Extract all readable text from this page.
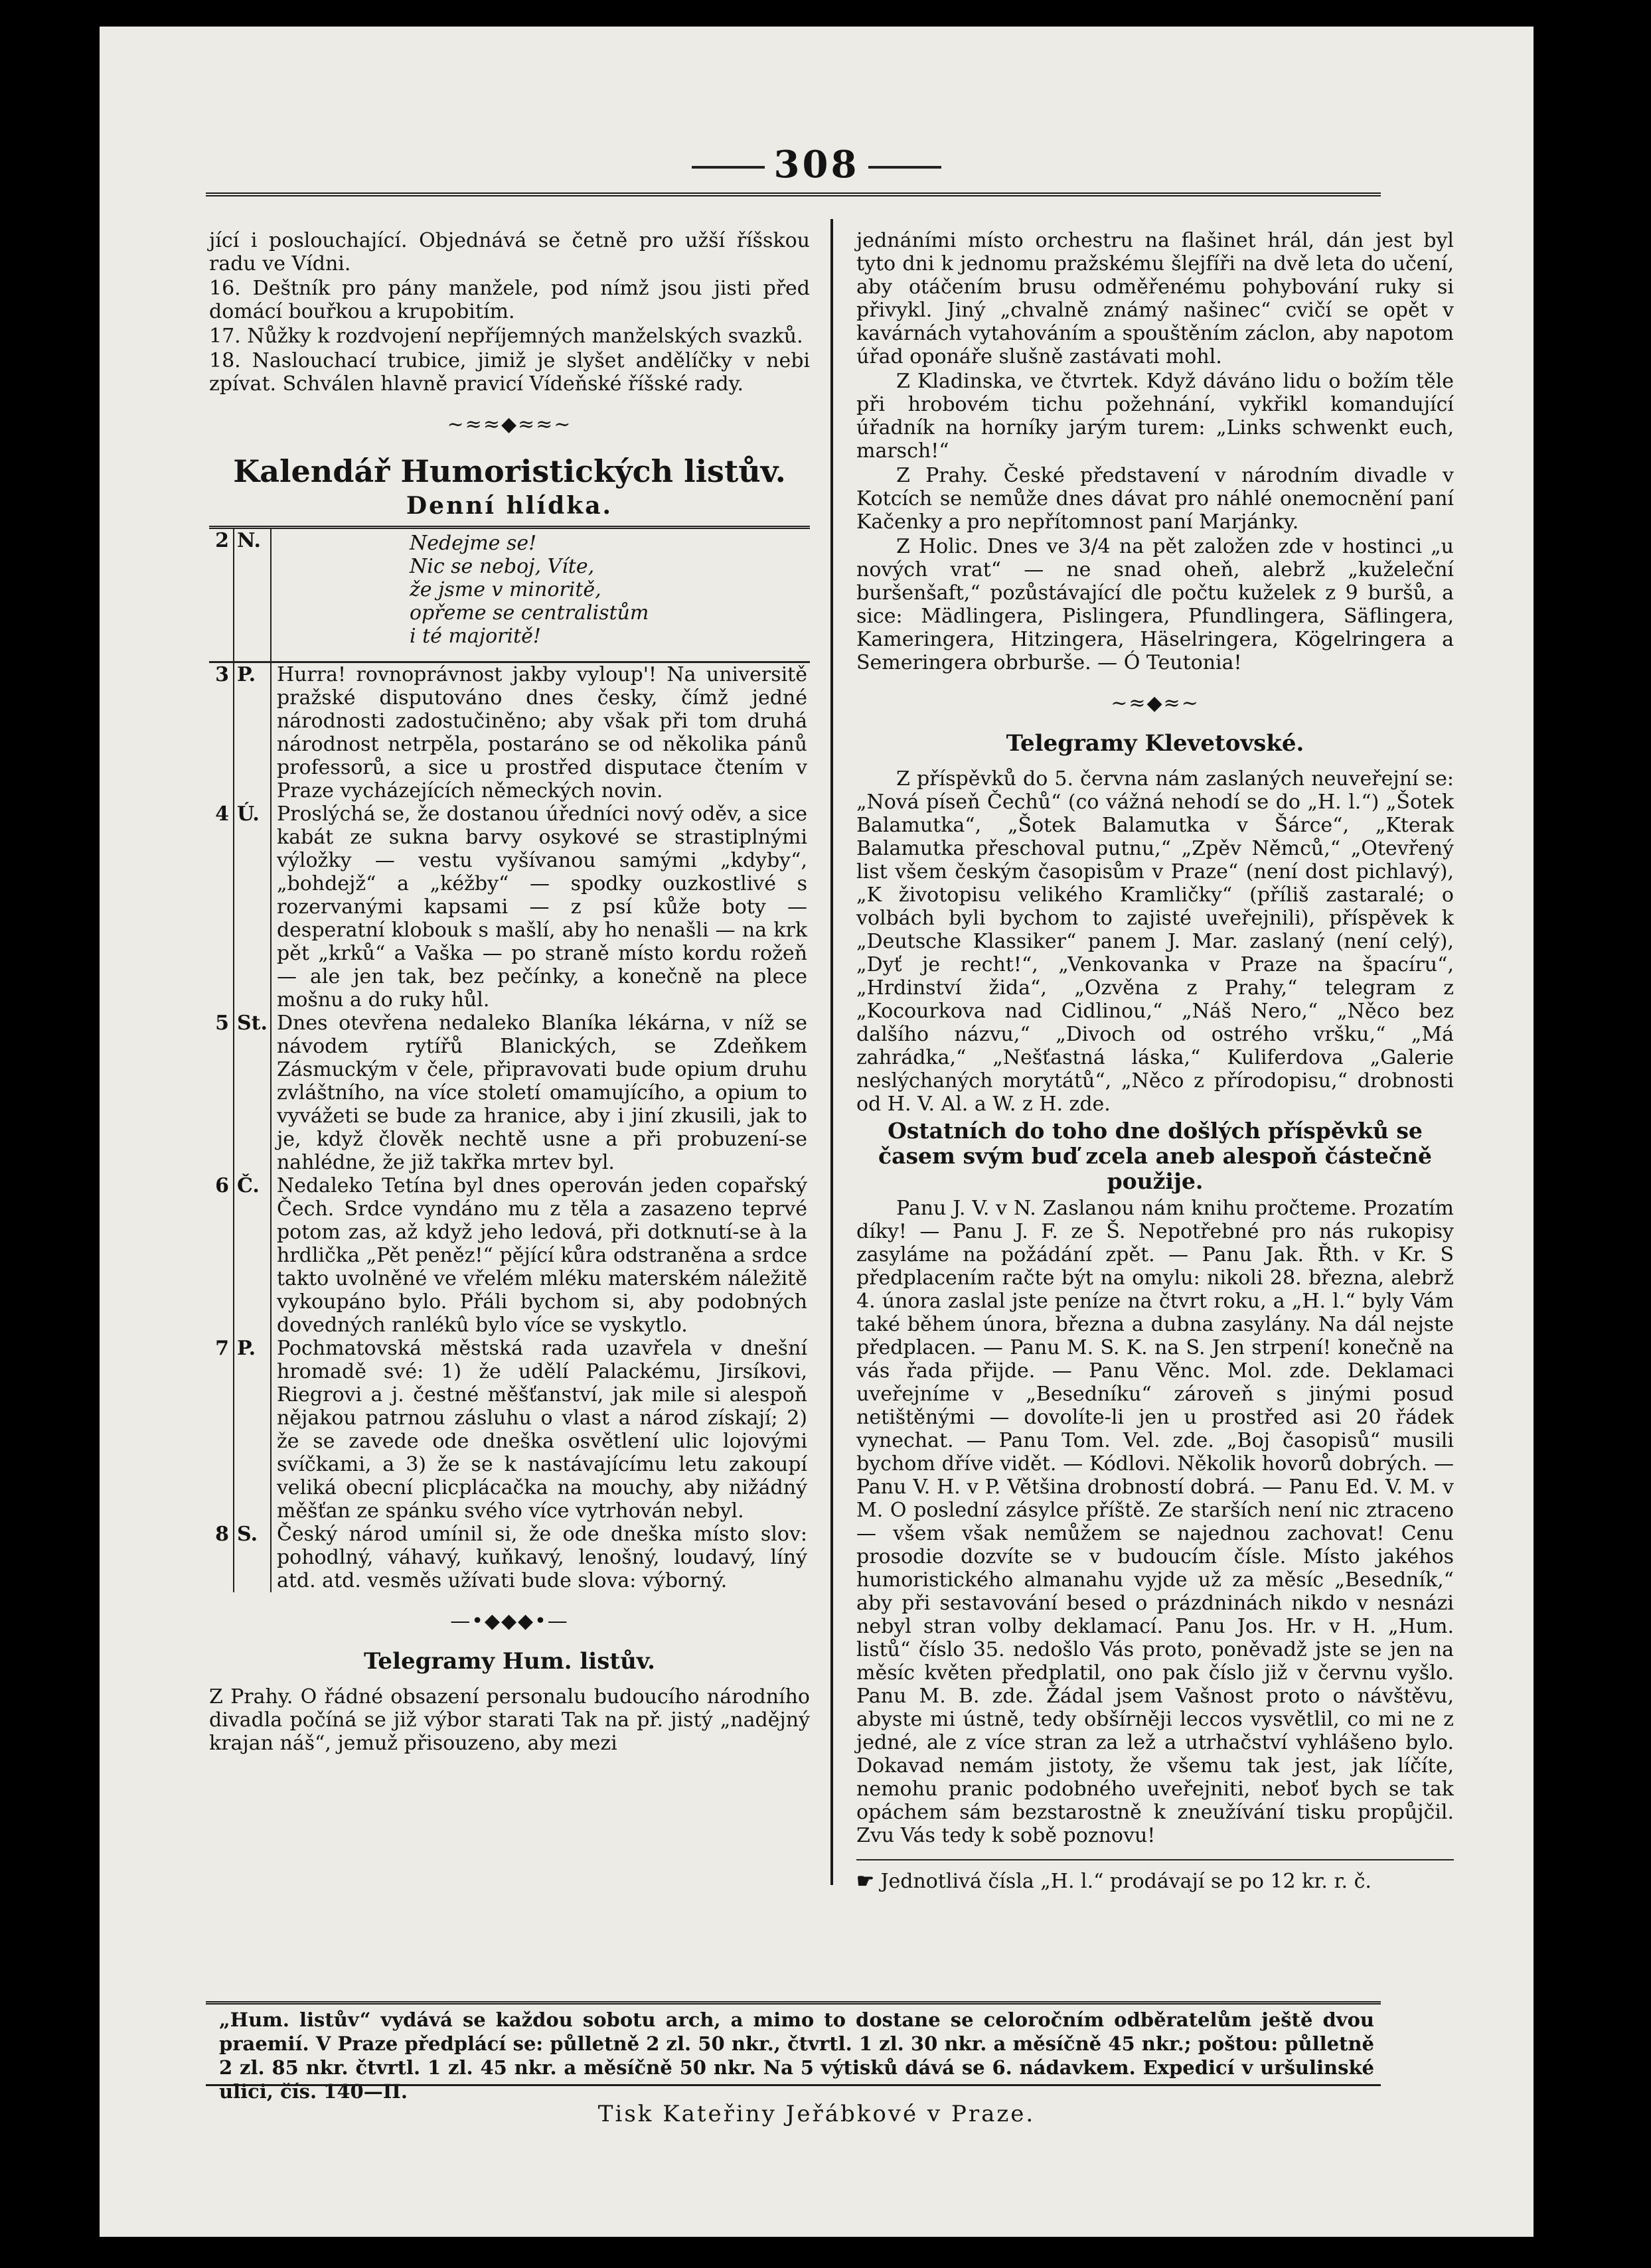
308

jící i poslouchající. Objednává se četně pro užší říšskou radu ve Vídni.

16. Deštník pro pány manžele, pod nímž jsou jisti před domácí bouřkou a krupobitím.

17. Nůžky k rozdvojení nepříjemných manželských svazků.

18. Naslouchací trubice, jimiž je slyšet andělíčky v nebi zpívat. Schválen hlavně pravicí Vídeňské říšské rady.

~≈≈◆≈≈~
Kalendář Humoristických listův.
Denní hlídka.
2	N.	Nedejme se!
Nic se neboj, Víte,
že jsme v minoritě,
opřeme se centralistům
i té majoritě!

3	P.	Hurra! rovnoprávnost jakby vyloup'! Na universitě pražské disputováno dnes česky, čímž jedné národnosti zadostučiněno; aby však při tom druhá národnost netrpěla, postaráno se od několika pánů professorů, a sice u prostřed disputace čtením v Praze vycházejících německých novin.
4	Ú.	Proslýchá se, že dostanou úředníci nový oděv, a sice kabát ze sukna barvy osykové se strastiplnými výložky — vestu vyšívanou samými „kdyby“, „bohdejž“ a „kéžby“ — spodky ouzkostlivé s rozervanými kapsami — z psí kůže boty — desperatní klobouk s mašlí, aby ho nenašli — na krk pět „krků“ a Vaška — po straně místo kordu rožeň — ale jen tak, bez pečínky, a konečně na plece mošnu a do ruky hůl.
5	St.	Dnes otevřena nedaleko Blaníka lékárna, v níž se návodem rytířů Blanických, se Zdeňkem Zásmuckým v čele, připravovati bude opium druhu zvláštního, na více století omamujícího, a opium to vyvážeti se bude za hranice, aby i jiní zkusili, jak to je, když člověk nechtě usne a při probuzení-se nahlédne, že již takřka mrtev byl.
6	Č.	Nedaleko Tetína byl dnes operován jeden copařský Čech. Srdce vyndáno mu z těla a zasazeno teprvé potom zas, až když jeho ledová, při dotknutí-se à la hrdlička „Pět peněz!“ pějící kůra odstraněna a srdce takto uvolněné ve vřelém mléku materském náležitě vykoupáno bylo. Přáli bychom si, aby podobných dovedných ranlékû bylo více se vyskytlo.
7	P.	Pochmatovská městská rada uzavřela v dnešní hromadě své: 1) že udělí Palackému, Jirsíkovi, Riegrovi a j. čestné měšťanství, jak mile si alespoň nějakou patrnou zásluhu o vlast a národ získají; 2) že se zavede ode dneška osvětlení ulic lojovými svíčkami, a 3) že se k nastávajícímu letu zakoupí veliká obecní plicplácačka na mouchy, aby nižádný měšťan ze spánku svého více vytrhován nebyl.
8	S.	Český národ umínil si, že ode dneška místo slov: pohodlný, váhavý, kuňkavý, lenošný, loudavý, líný atd. atd. vesměs užívati bude slova: výborný.
—•◆◆◆•—
Telegramy Hum. listův.

Z Prahy. O řádné obsazení personalu budoucího národního divadla počíná se již výbor starati Tak na př. jistý „nadějný krajan náš“, jemuž přisouzeno, aby mezi

jednáními místo orchestru na flašinet hrál, dán jest byl tyto dni k jednomu pražskému šlejfíři na dvě leta do učení, aby otáčením brusu odměřenému pohybování ruky si přivykl. Jiný „chvalně známý našinec“ cvičí se opět v kavárnách vytahováním a spouštěním záclon, aby napotom úřad oponáře slušně zastávati mohl.

Z Kladinska, ve čtvrtek. Když dáváno lidu o božím těle při hrobovém tichu požehnání, vykřikl komandující úřadník na horníky jarým turem: „Links schwenkt euch, marsch!“

Z Prahy. České představení v národním divadle v Kotcích se nemůže dnes dávat pro náhlé onemocnění paní Kačenky a pro nepřítomnost paní Marjánky.

Z Holic. Dnes ve 3/4 na pět založen zde v hostinci „u nových vrat“ — ne snad oheň, alebrž „kuželeční buršenšaft,“ pozůstávající dle počtu kuželek z 9 buršů, a sice: Mädlingera, Pislingera, Pfundlingera, Säflingera, Kameringera, Hitzingera, Häselringera, Kögelringera a Semeringera obrburše. — Ó Teutonia!

~≈◆≈~
Telegramy Klevetovské.

Z příspěvků do 5. června nám zaslaných neuveřejní se: „Nová píseň Čechů“ (co vážná nehodí se do „H. l.“) „Šotek Balamutka“, „Šotek Balamutka v Šárce“, „Kterak Balamutka přeschoval putnu,“ „Zpěv Němců,“ „Otevřený list všem českým časopisům v Praze“ (není dost pichlavý), „K životopisu velikého Kramličky“ (příliš zastaralé; o volbách byli bychom to zajisté uveřejnili), příspěvek k „Deutsche Klassiker“ panem J. Mar. zaslaný (není celý), „Dyť je recht!“, „Venkovanka v Praze na špacíru“, „Hrdinství žida“, „Ozvěna z Prahy,“ telegram z „Kocourkova nad Cidlinou,“ „Náš Nero,“ „Něco bez dalšího názvu,“ „Divoch od ostrého vršku,“ „Má zahrádka,“ „Nešťastná láska,“ Kuliferdova „Galerie neslýchaných morytátů“, „Něco z přírodopisu,“ drobnosti od H. V. Al. a W. z H. zde.

Ostatních do toho dne došlých příspěvků se časem svým buď zcela aneb alespoň částečně použije.

Panu J. V. v N. Zaslanou nám knihu pročteme. Prozatím díky! — Panu J. F. ze Š. Nepotřebné pro nás rukopisy zasyláme na požádání zpět. — Panu Jak. Řth. v Kr. S předplacením račte být na omylu: nikoli 28. března, alebrž 4. února zaslal jste peníze na čtvrt roku, a „H. l.“ byly Vám také během února, března a dubna zasylány. Na dál nejste předplacen. — Panu M. S. K. na S. Jen strpení! konečně na vás řada přijde. — Panu Věnc. Mol. zde. Deklamaci uveřejníme v „Besedníku“ zároveň s jinými posud netištěnými — dovolíte-li jen u prostřed asi 20 řádek vynechat. — Panu Tom. Vel. zde. „Boj časopisů“ musili bychom dříve vidět. — Kódlovi. Několik hovorů dobrých. — Panu V. H. v P. Většina drobností dobrá. — Panu Ed. V. M. v M. O poslední zásylce příště. Ze starších není nic ztraceno — všem však nemůžem se najednou zachovat! Cenu prosodie dozvíte se v budoucím čísle. Místo jakéhos humoristického almanahu vyjde už za měsíc „Besedník,“ aby při sestavování besed o prázdninách nikdo v nesnázi nebyl stran volby deklamací. Panu Jos. Hr. v H. „Hum. listů“ číslo 35. nedošlo Vás proto, poněvadž jste se jen na měsíc květen předplatil, ono pak číslo již v červnu vyšlo. Panu M. B. zde. Žádal jsem Vašnost proto o návštěvu, abyste mi ústně, tedy obšírněji leccos vysvětlil, co mi ne z jedné, ale z více stran za lež a utrhačství vyhlášeno bylo. Dokavad nemám jistoty, že všemu tak jest, jak líčíte, nemohu pranic podobného uveřejniti, neboť bych se tak opáchem sám bezstarostně k zneužívání tisku propůjčil. Zvu Vás tedy k sobě poznovu!

☛ Jednotlivá čísla „H. l.“ prodávají se po 12 kr. r. č.

„Hum. listův“ vydává se každou sobotu arch, a mimo to dostane se celoročním odběratelům ještě dvou praemií. V Praze předplácí se: půlletně 2 zl. 50 nkr., čtvrtl. 1 zl. 30 nkr. a měsíčně 45 nkr.; poštou: půlletně 2 zl. 85 nkr. čtvrtl. 1 zl. 45 nkr. a měsíčně 50 nkr. Na 5 výtisků dává se 6. nádavkem. Expedicí v uršulinské ulici, čís. 140—II.
Tisk Kateřiny Jeřábkové v Praze.
